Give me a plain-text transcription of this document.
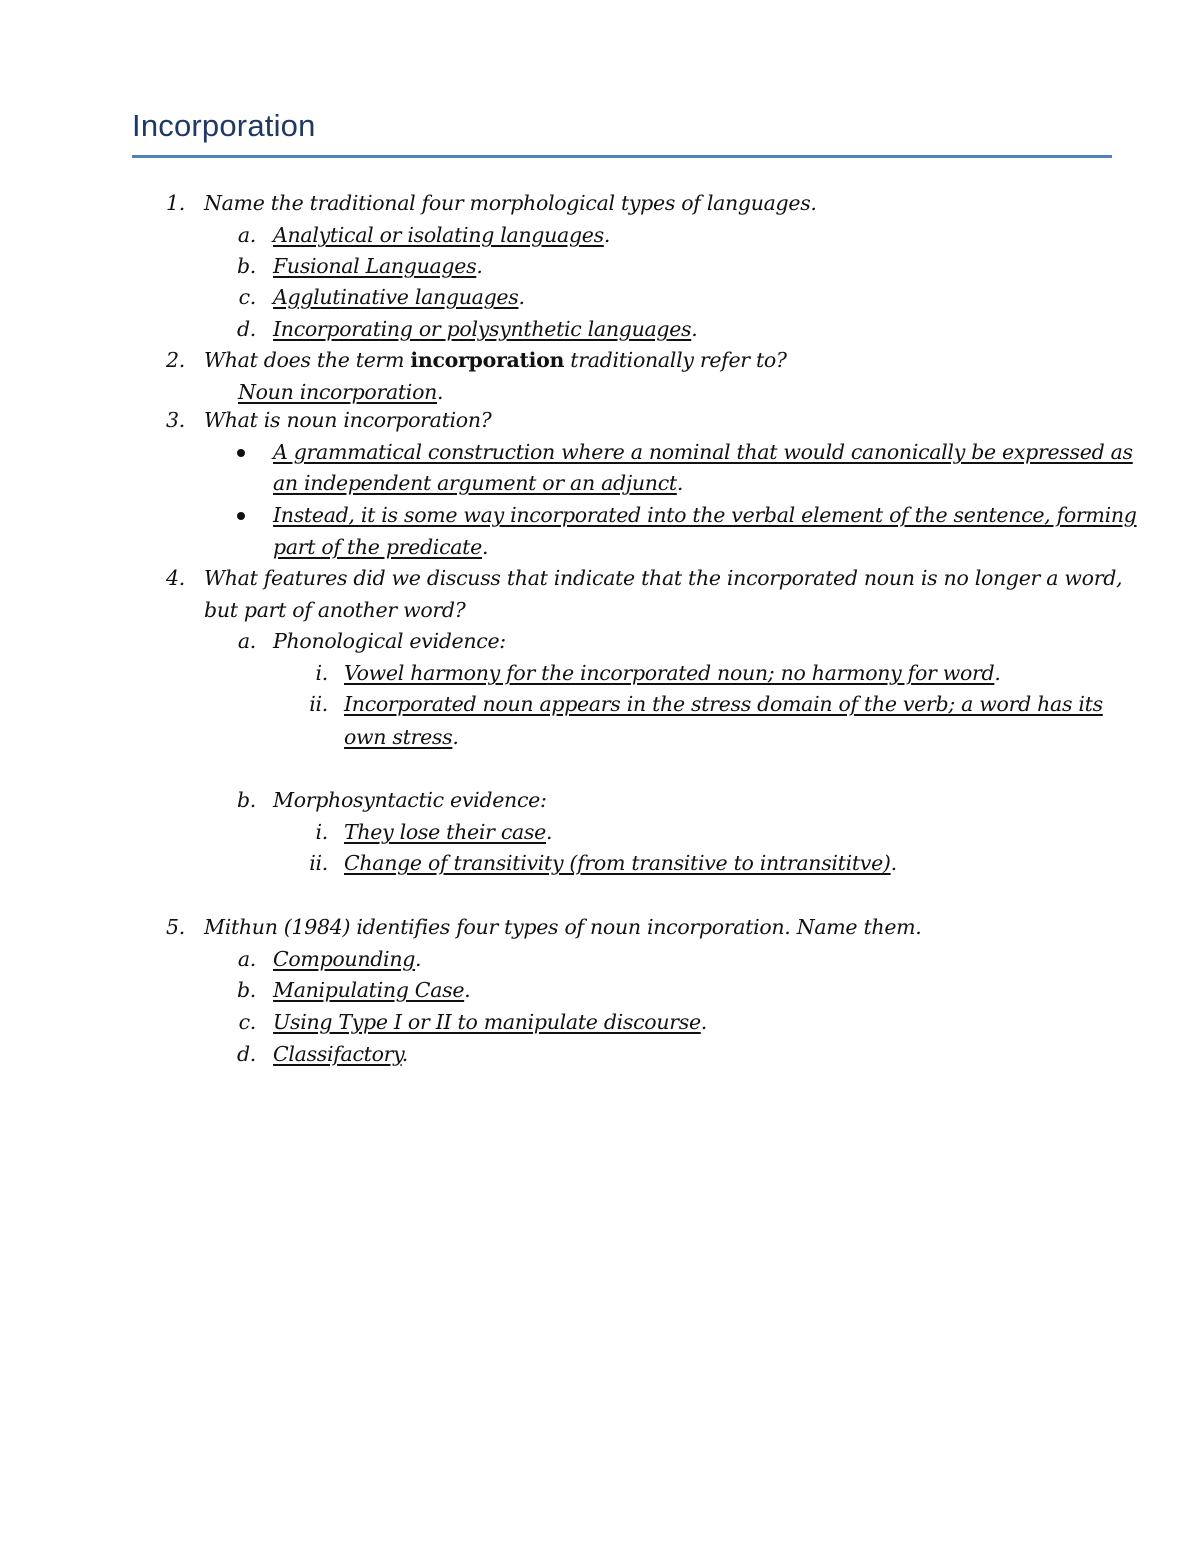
Incorporation
1. Name the traditional four morphological types of languages.
a. Analytical or isolating languages.
b. Fusional Languages.
c. Agglutinative languages.
d. Incorporating or polysynthetic languages.
2. What does the term incorporation traditionally refer to?
Noun incorporation.
3. What is noun incorporation?
A grammatical construction where a nominal that would canonically be expressed as
an independent argument or an adjunct.
Instead, it is some way incorporated into the verbal element of the sentence, forming
part of the predicate.
4. What features did we discuss that indicate that the incorporated noun is no longer a word,
but part of another word?
a. Phonological evidence:
i. Vowel harmony for the incorporated noun; no harmony for word.
ii. Incorporated noun appears in the stress domain of the verb; a word has its
own stress.
b. Morphosyntactic evidence:
i. They lose their case.
ii. Change of transitivity (from transitive to intransititve).
5. Mithun (1984) identifies four types of noun incorporation. Name them.
a. Compounding.
b. Manipulating Case.
c. Using Type I or II to manipulate discourse.
d. Classifactory.
